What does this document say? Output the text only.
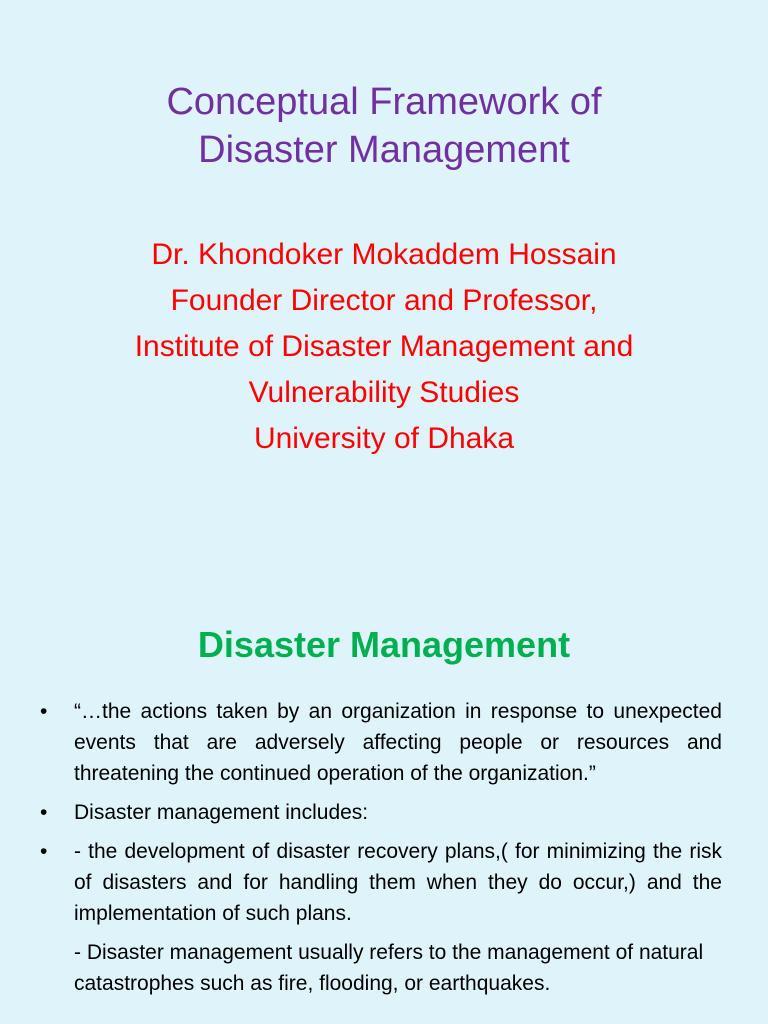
Conceptual Framework of
Disaster Management
Dr. Khondoker Mokaddem Hossain
Founder Director and Professor,
Institute of Disaster Management and
Vulnerability Studies
University of Dhaka
Disaster Management
•	“…the actions taken by an organization in response to unexpected events that are adversely affecting people or resources and threatening the continued operation of the organization.”
•	Disaster management includes:
•	- the development of disaster recovery plans,( for minimizing the risk of disasters and for handling them when they do occur,) and the implementation of such plans.
- Disaster management usually refers to the management of natural catastrophes such as fire, flooding, or earthquakes.
